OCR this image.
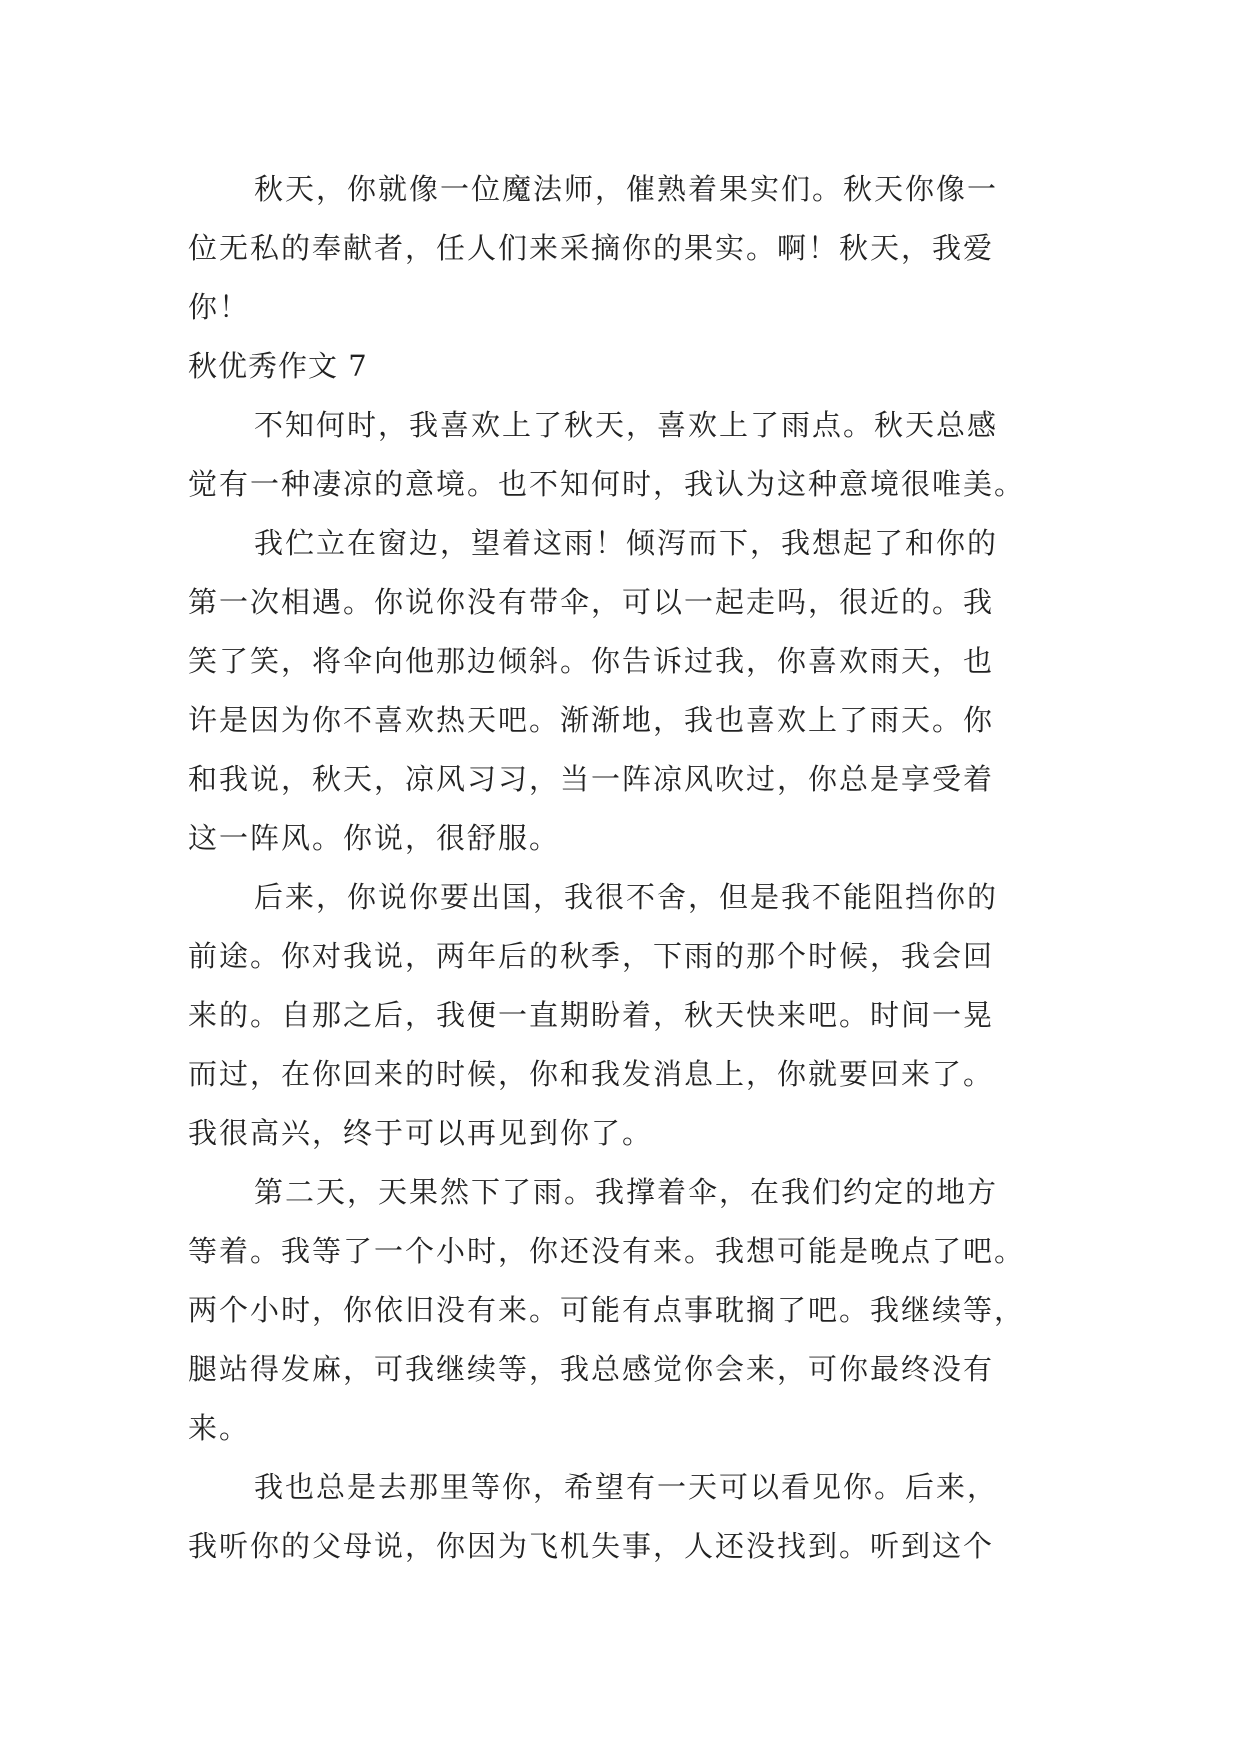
秋天，你就像一位魔法师，催熟着果实们。秋天你像一
位无私的奉献者，任人们来采摘你的果实。啊！秋天，我爱
你！
秋优秀作文 7
不知何时，我喜欢上了秋天，喜欢上了雨点。秋天总感
觉有一种凄凉的意境。也不知何时，我认为这种意境很唯美。
我伫立在窗边，望着这雨！倾泻而下，我想起了和你的
第一次相遇。你说你没有带伞，可以一起走吗，很近的。我
笑了笑，将伞向他那边倾斜。你告诉过我，你喜欢雨天，也
许是因为你不喜欢热天吧。渐渐地，我也喜欢上了雨天。你
和我说，秋天，凉风习习，当一阵凉风吹过，你总是享受着
这一阵风。你说，很舒服。
后来，你说你要出国，我很不舍，但是我不能阻挡你的
前途。你对我说，两年后的秋季，下雨的那个时候，我会回
来的。自那之后，我便一直期盼着，秋天快来吧。时间一晃
而过，在你回来的时候，你和我发消息上，你就要回来了。
我很高兴，终于可以再见到你了。
第二天，天果然下了雨。我撑着伞，在我们约定的地方
等着。我等了一个小时，你还没有来。我想可能是晚点了吧。
两个小时，你依旧没有来。可能有点事耽搁了吧。我继续等，
腿站得发麻，可我继续等，我总感觉你会来，可你最终没有
来。
我也总是去那里等你，希望有一天可以看见你。后来，
我听你的父母说，你因为飞机失事，人还没找到。听到这个
